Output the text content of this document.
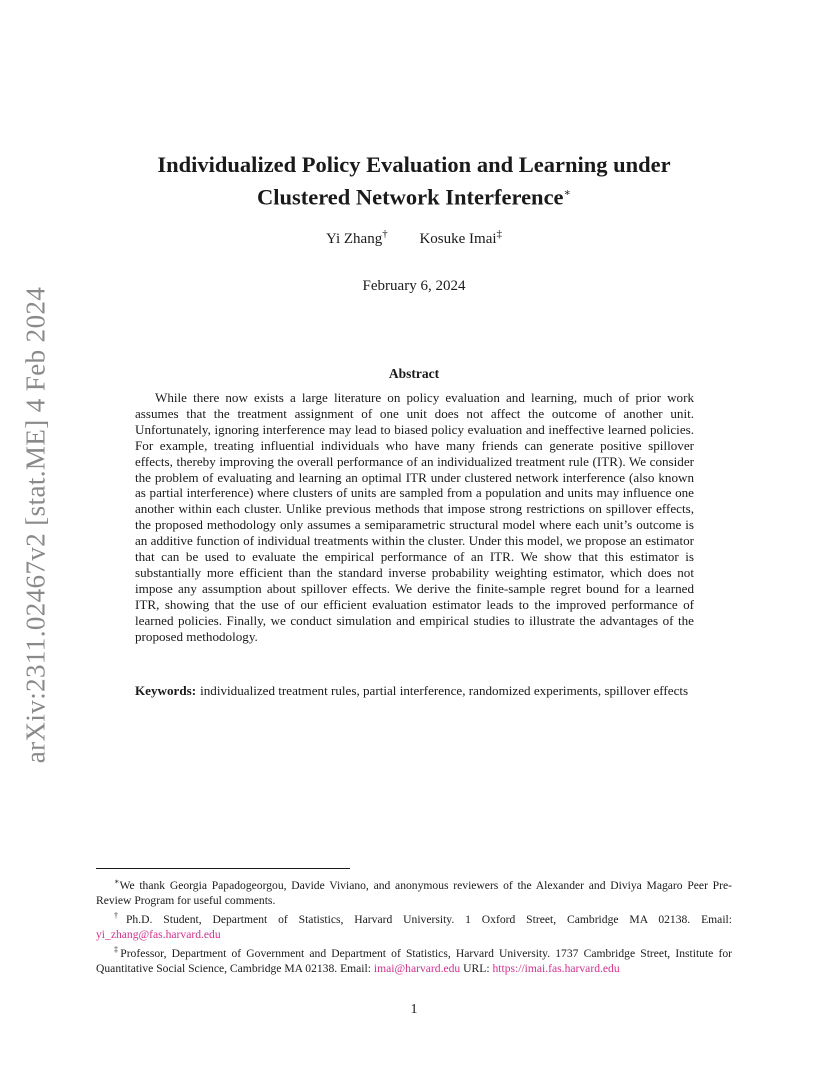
arXiv:2311.02467v2 [stat.ME] 4 Feb 2024
Individualized Policy Evaluation and Learning under
Clustered Network Interference∗
Yi Zhang† Kosuke Imai‡
February 6, 2024
Abstract
While there now exists a large literature on policy evaluation and learning, much of prior work assumes that the treatment assignment of one unit does not affect the outcome of another unit. Unfortunately, ignoring interference may lead to biased policy evaluation and ineffective learned policies. For example, treating influential individuals who have many friends can generate positive spillover effects, thereby improving the overall performance of an individualized treatment rule (ITR). We consider the problem of evaluating and learning an optimal ITR under clustered network interference (also known as partial interference) where clusters of units are sampled from a population and units may influence one another within each cluster. Unlike previous methods that impose strong restrictions on spillover effects, the proposed methodology only assumes a semiparametric structural model where each unit’s outcome is an additive function of individual treatments within the cluster. Under this model, we propose an estimator that can be used to evaluate the empirical performance of an ITR. We show that this estimator is substantially more efficient than the standard inverse probability weighting estimator, which does not impose any assumption about spillover effects. We derive the finite-sample regret bound for a learned ITR, showing that the use of our efficient evaluation estimator leads to the improved performance of learned policies. Finally, we conduct simulation and empirical studies to illustrate the advantages of the proposed methodology.
Keywords: individualized treatment rules, partial interference, randomized experiments, spillover effects

∗We thank Georgia Papadogeorgou, Davide Viviano, and anonymous reviewers of the Alexander and Diviya Magaro Peer Pre-Review Program for useful comments.

†Ph.D. Student, Department of Statistics, Harvard University. 1 Oxford Street, Cambridge MA 02138. Email: yi_zhang@fas.harvard.edu

‡Professor, Department of Government and Department of Statistics, Harvard University. 1737 Cambridge Street, Institute for Quantitative Social Science, Cambridge MA 02138. Email: imai@harvard.edu URL: https://imai.fas.harvard.edu

1
